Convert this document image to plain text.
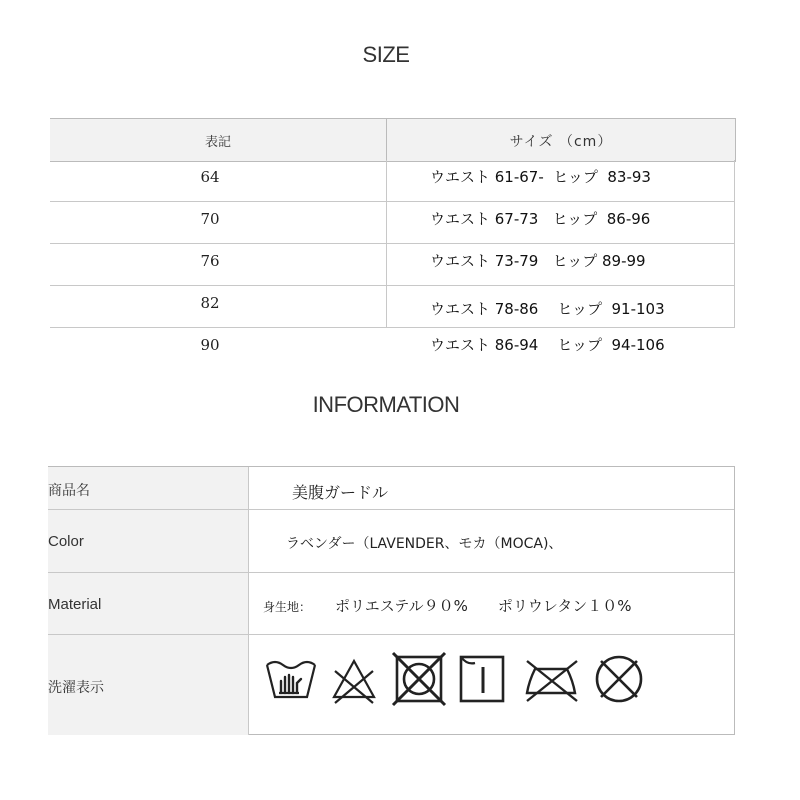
SIZE
表記	サイズ （cm）
64	ウエスト 61-67-  ヒップ  83-93
70	ウエスト 67-73   ヒップ  86-96
76	ウエスト 73-79   ヒップ 89-99
82	ウエスト 78-86    ヒップ  91-103
90	ウエスト 86-94    ヒップ  94-106
INFORMATION
商品名	美腹ガードル
Color	ラベンダー（LAVENDER、モカ（MOCA)、
Material	身生地： ポリエステル９０%　　ポリウレタン１０%
洗濯表示
